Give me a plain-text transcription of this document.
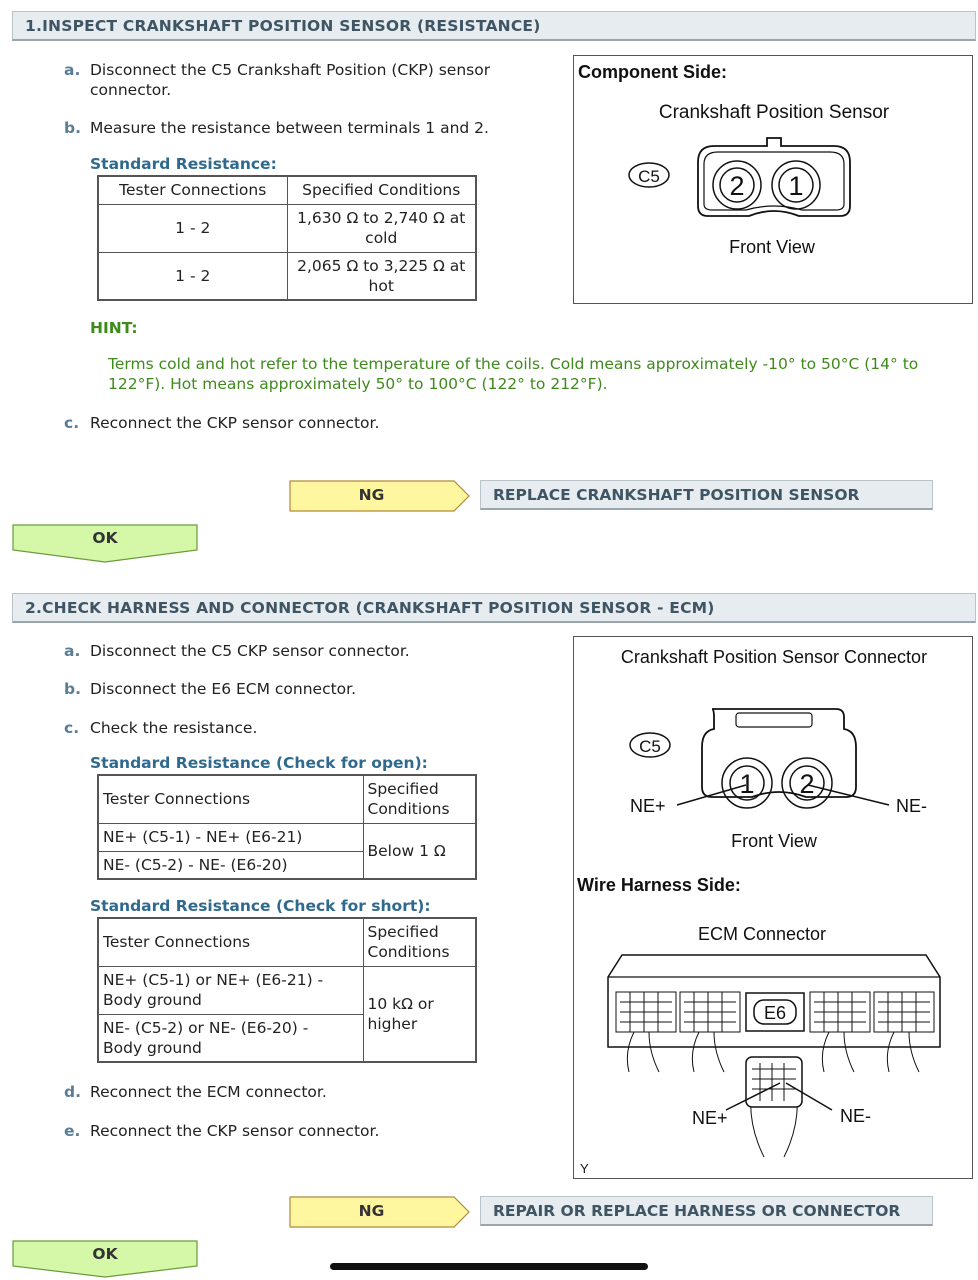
1.INSPECT CRANKSHAFT POSITION SENSOR (RESISTANCE)
a. Disconnect the C5 Crankshaft Position (CKP) sensor
connector.
b. Measure the resistance between terminals 1 and 2.
Standard Resistance:
Tester Connections	Specified Conditions
1 - 2	1,630 Ω to 2,740 Ω at
cold
1 - 2	2,065 Ω to 3,225 Ω at
hot
HINT:
Terms cold and hot refer to the temperature of the coils. Cold means approximately -10° to 50°C (14° to
122°F). Hot means approximately 50° to 100°C (122° to 212°F).
c. Reconnect the CKP sensor connector.
Component Side:
Crankshaft Position Sensor
C5	2 1
Front View
NG	REPLACE CRANKSHAFT POSITION SENSOR
OK
2.CHECK HARNESS AND CONNECTOR (CRANKSHAFT POSITION SENSOR - ECM)
a. Disconnect the C5 CKP sensor connector.
b. Disconnect the E6 ECM connector.
c. Check the resistance.
Standard Resistance (Check for open):
Tester Connections	Specified
Conditions
NE+ (C5-1) - NE+ (E6-21)	Below 1 Ω
NE- (C5-2) - NE- (E6-20)	
Standard Resistance (Check for short):
Tester Connections	Specified
Conditions
NE+ (C5-1) or NE+ (E6-21) -
Body ground	10 kΩ or
higher
NE- (C5-2) or NE- (E6-20) -
Body ground	
d. Reconnect the ECM connector.
e. Reconnect the CKP sensor connector.
Crankshaft Position Sensor Connector
C5
1 2
NE+	NE-
Front View
Wire Harness Side:
ECM Connector
E6
NE+	NE-
Y
NG	REPAIR OR REPLACE HARNESS OR CONNECTOR
OK
